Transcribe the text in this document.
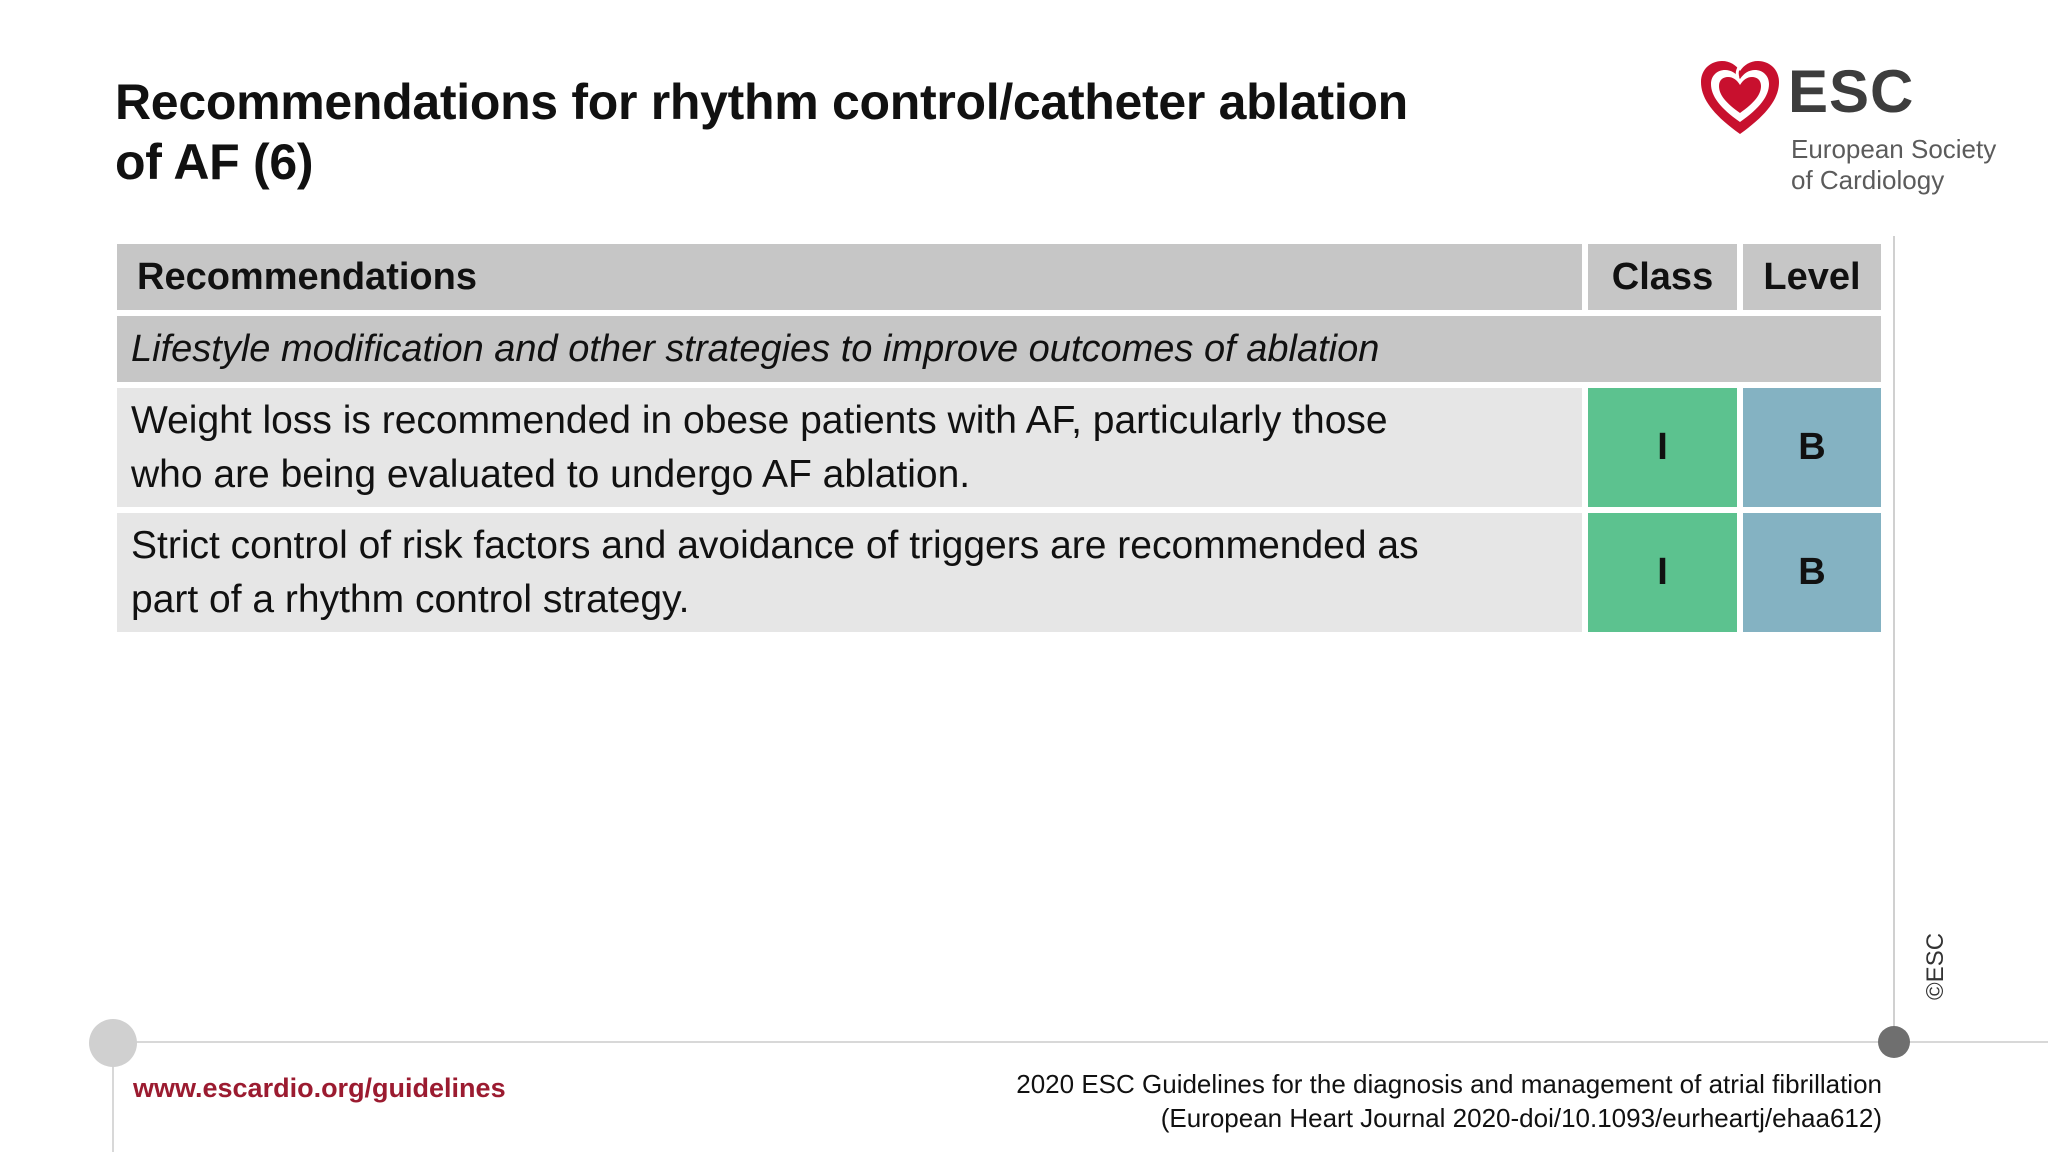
Recommendations for rhythm control/catheter ablation
of AF (6)
ESC
European Society
of Cardiology
Recommendations	Class	Level
Lifestyle modification and other strategies to improve outcomes of ablation
Weight loss is recommended in obese patients with AF, particularly those
who are being evaluated to undergo AF ablation.
I	B
Strict control of risk factors and avoidance of triggers are recommended as
part of a rhythm control strategy.
I	B
©ESC
www.escardio.org/guidelines	2020 ESC Guidelines for the diagnosis and management of atrial fibrillation
(European Heart Journal 2020-doi/10.1093/eurheartj/ehaa612)
